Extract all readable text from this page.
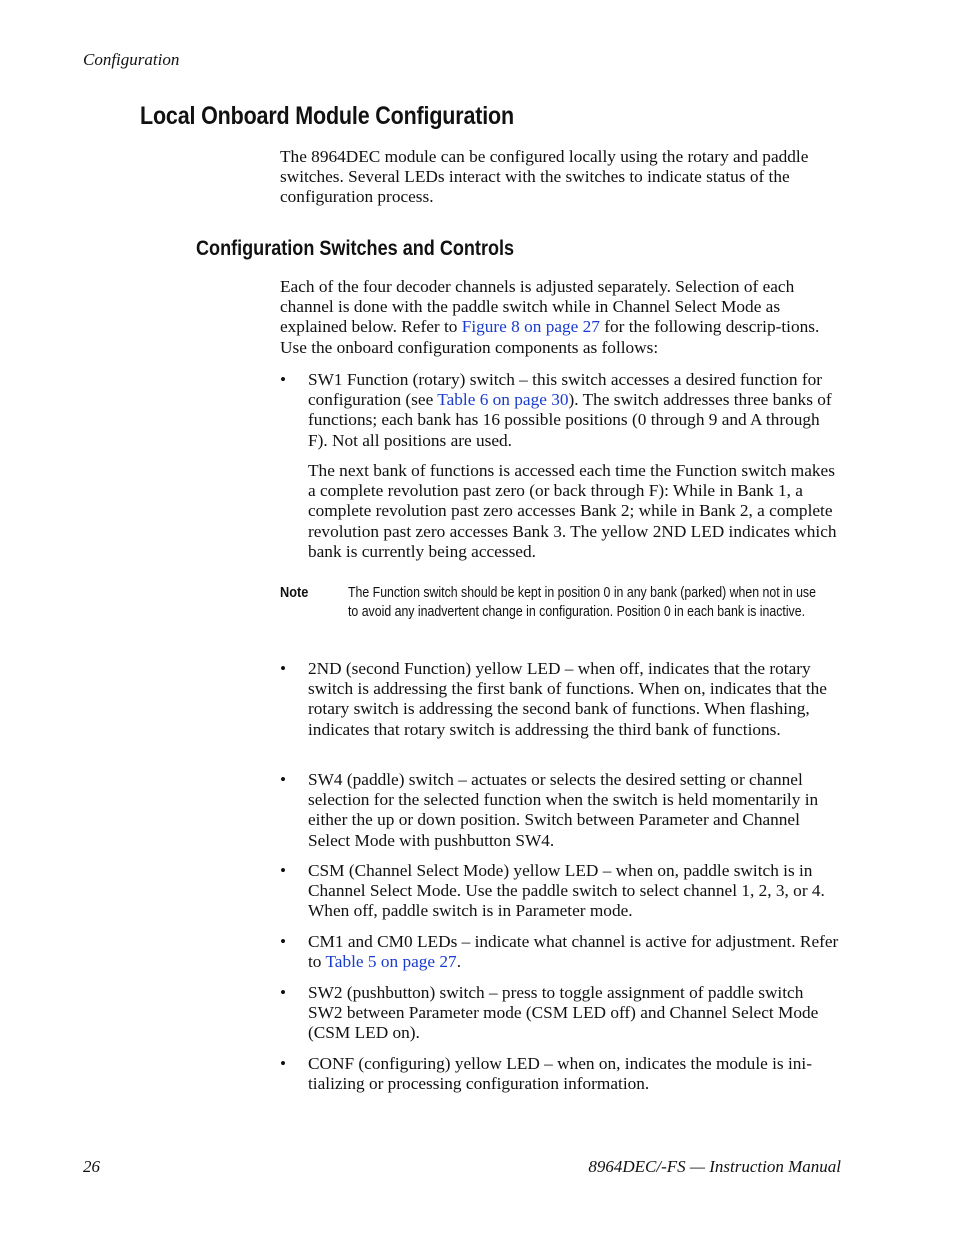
Configuration
Local Onboard Module Configuration
The 8964DEC module can be configured locally using the rotary and paddle switches. Several LEDs interact with the switches to indicate status of the configuration process.
Configuration Switches and Controls
Each of the four decoder channels is adjusted separately. Selection of each channel is done with the paddle switch while in Channel Select Mode as explained below. Refer to Figure 8 on page 27 for the following descrip-tions. Use the onboard configuration components as follows:
•	SW1 Function (rotary) switch – this switch accesses a desired function for configuration (see Table 6 on page 30). The switch addresses three banks of functions; each bank has 16 possible positions (0 through 9 and A through F). Not all positions are used.
The next bank of functions is accessed each time the Function switch makes a complete revolution past zero (or back through F): While in Bank 1, a complete revolution past zero accesses Bank 2; while in Bank 2, a complete revolution past zero accesses Bank 3. The yellow 2ND LED indicates which bank is currently being accessed.
Note	The Function switch should be kept in position 0 in any bank (parked) when not in use to avoid any inadvertent change in configuration. Position 0 in each bank is inactive.
•	2ND (second Function) yellow LED – when off, indicates that the rotary switch is addressing the first bank of functions. When on, indicates that the rotary switch is addressing the second bank of functions. When flashing, indicates that rotary switch is addressing the third bank of functions.
•	SW4 (paddle) switch – actuates or selects the desired setting or channel selection for the selected function when the switch is held momentarily in either the up or down position. Switch between Parameter and Channel Select Mode with pushbutton SW4.
•	CSM (Channel Select Mode) yellow LED – when on, paddle switch is in Channel Select Mode. Use the paddle switch to select channel 1, 2, 3, or 4. When off, paddle switch is in Parameter mode.
•	CM1 and CM0 LEDs – indicate what channel is active for adjustment. Refer to Table 5 on page 27.
•	SW2 (pushbutton) switch – press to toggle assignment of paddle switch SW2 between Parameter mode (CSM LED off) and Channel Select Mode (CSM LED on).
•	CONF (configuring) yellow LED – when on, indicates the module is ini-tializing or processing configuration information.
26	8964DEC/-FS — Instruction Manual
